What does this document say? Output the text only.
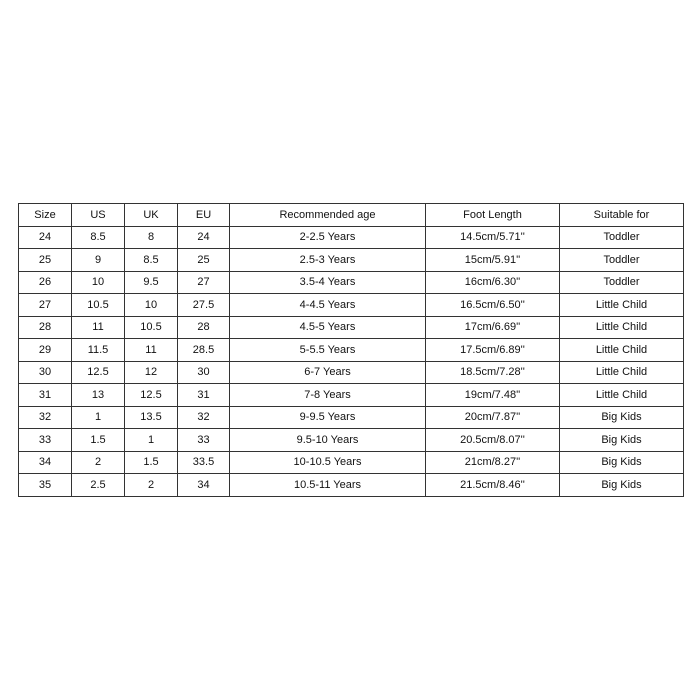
Size	US	UK	EU	Recommended age	Foot Length	Suitable for
24	8.5	8	24	2-2.5 Years	14.5cm/5.71''	Toddler
25	9	8.5	25	2.5-3 Years	15cm/5.91''	Toddler
26	10	9.5	27	3.5-4 Years	16cm/6.30''	Toddler
27	10.5	10	27.5	4-4.5 Years	16.5cm/6.50''	Little Child
28	11	10.5	28	4.5-5 Years	17cm/6.69''	Little Child
29	11.5	11	28.5	5-5.5 Years	17.5cm/6.89''	Little Child
30	12.5	12	30	6-7 Years	18.5cm/7.28''	Little Child
31	13	12.5	31	7-8 Years	19cm/7.48''	Little Child
32	1	13.5	32	9-9.5 Years	20cm/7.87''	Big Kids
33	1.5	1	33	9.5-10 Years	20.5cm/8.07''	Big Kids
34	2	1.5	33.5	10-10.5 Years	21cm/8.27''	Big Kids
35	2.5	2	34	10.5-11 Years	21.5cm/8.46''	Big Kids
